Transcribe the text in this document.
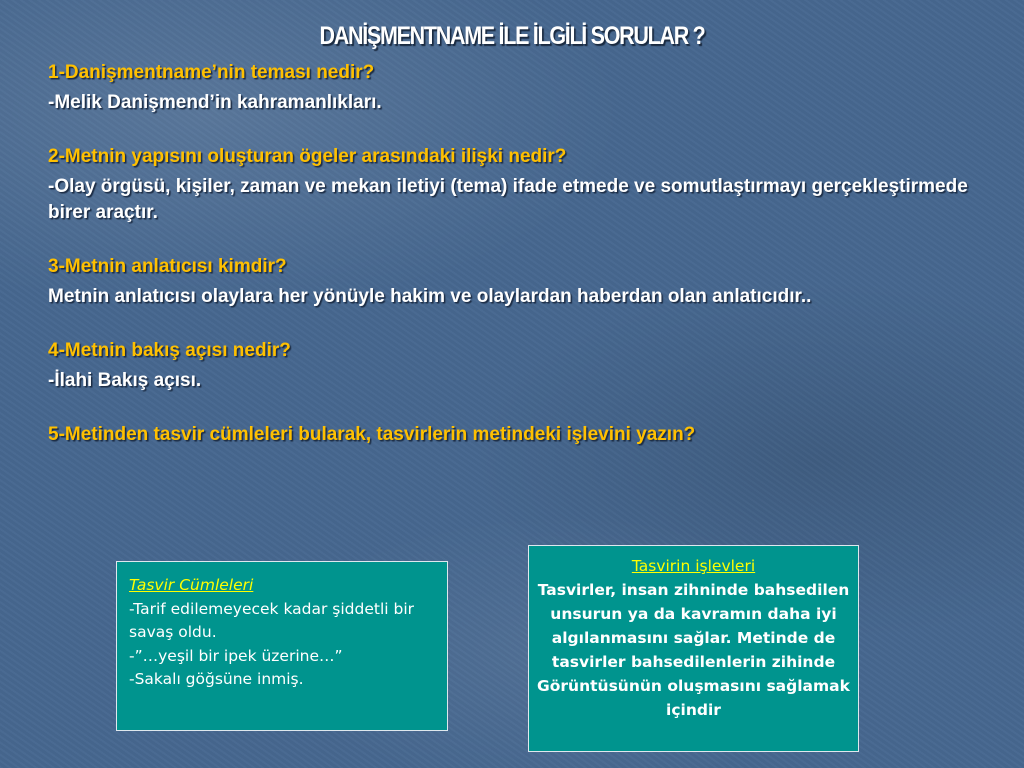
DANİŞMENTNAME İLE İLGİLİ SORULAR ?

1-Danişmentname’nin teması nedir?

-Melik Danişmend’in kahramanlıkları.

2-Metnin yapısını oluşturan ögeler arasındaki ilişki nedir?

-Olay örgüsü, kişiler, zaman ve mekan iletiyi (tema) ifade etmede ve somutlaştırmayı gerçekleştirmede birer araçtır.

3-Metnin anlatıcısı kimdir?

Metnin anlatıcısı olaylara her yönüyle hakim ve olaylardan haberdan olan anlatıcıdır..

4-Metnin bakış açısı nedir?

-İlahi Bakış açısı.

5-Metinden tasvir cümleleri bularak, tasvirlerin metindeki işlevini yazın?

Tasvir Cümleleri

-Tarif edilemeyecek kadar şiddetli bir savaş oldu.

-”…yeşil bir ipek üzerine…”

-Sakalı göğsüne inmiş.

Tasvirin işlevleri

Tasvirler, insan zihninde bahsedilen unsurun ya da kavramın daha iyi algılanmasını sağlar. Metinde de tasvirler bahsedilenlerin zihinde Görüntüsünün oluşmasını sağlamak içindir
